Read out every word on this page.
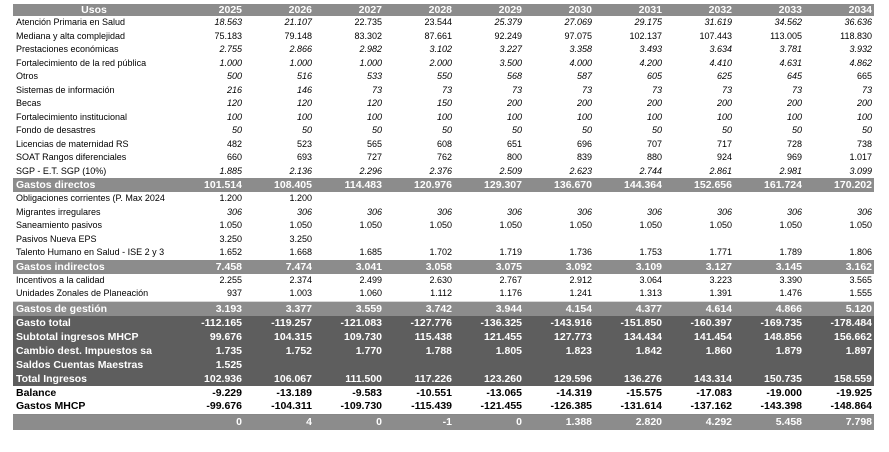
Usos	2025	2026	2027	2028	2029	2030	2031	2032	2033	2034
Atención Primaria en Salud	18.563	21.107	22.735	23.544	25.379	27.069	29.175	31.619	34.562	36.636
Mediana y alta complejidad	75.183	79.148	83.302	87.661	92.249	97.075	102.137	107.443	113.005	118.830
Prestaciones económicas	2.755	2.866	2.982	3.102	3.227	3.358	3.493	3.634	3.781	3.932
Fortalecimiento de la red pública	1.000	1.000	1.000	2.000	3.500	4.000	4.200	4.410	4.631	4.862
Otros	500	516	533	550	568	587	605	625	645	665
Sistemas de información	216	146	73	73	73	73	73	73	73	73
Becas	120	120	120	150	200	200	200	200	200	200
Fortalecimiento institucional	100	100	100	100	100	100	100	100	100	100
Fondo de desastres	50	50	50	50	50	50	50	50	50	50
Licencias de maternidad RS	482	523	565	608	651	696	707	717	728	738
SOAT Rangos diferenciales	660	693	727	762	800	839	880	924	969	1.017
SGP - E.T. SGP (10%)	1.885	2.136	2.296	2.376	2.509	2.623	2.744	2.861	2.981	3.099
Gastos directos	101.514	108.405	114.483	120.976	129.307	136.670	144.364	152.656	161.724	170.202
Obligaciones corrientes (P. Max 2024	1.200	1.200								
Migrantes irregulares	306	306	306	306	306	306	306	306	306	306
Saneamiento pasivos	1.050	1.050	1.050	1.050	1.050	1.050	1.050	1.050	1.050	1.050
Pasivos Nueva EPS	3.250	3.250								
Talento Humano en Salud - ISE 2 y 3	1.652	1.668	1.685	1.702	1.719	1.736	1.753	1.771	1.789	1.806
Gastos indirectos	7.458	7.474	3.041	3.058	3.075	3.092	3.109	3.127	3.145	3.162
Incentivos a la calidad	2.255	2.374	2.499	2.630	2.767	2.912	3.064	3.223	3.390	3.565
Unidades Zonales de Planeación	937	1.003	1.060	1.112	1.176	1.241	1.313	1.391	1.476	1.555
Gastos de gestión	3.193	3.377	3.559	3.742	3.944	4.154	4.377	4.614	4.866	5.120
Gasto total	-112.165	-119.257	-121.083	-127.776	-136.325	-143.916	-151.850	-160.397	-169.735	-178.484
Subtotal ingresos MHCP	99.676	104.315	109.730	115.438	121.455	127.773	134.434	141.454	148.856	156.662
Cambio dest. Impuestos sa	1.735	1.752	1.770	1.788	1.805	1.823	1.842	1.860	1.879	1.897
Saldos Cuentas Maestras	1.525									
Total Ingresos	102.936	106.067	111.500	117.226	123.260	129.596	136.276	143.314	150.735	158.559
Balance	-9.229	-13.189	-9.583	-10.551	-13.065	-14.319	-15.575	-17.083	-19.000	-19.925
Gastos MHCP	-99.676	-104.311	-109.730	-115.439	-121.455	-126.385	-131.614	-137.162	-143.398	-148.864
	0	4	0	-1	0	1.388	2.820	4.292	5.458	7.798
